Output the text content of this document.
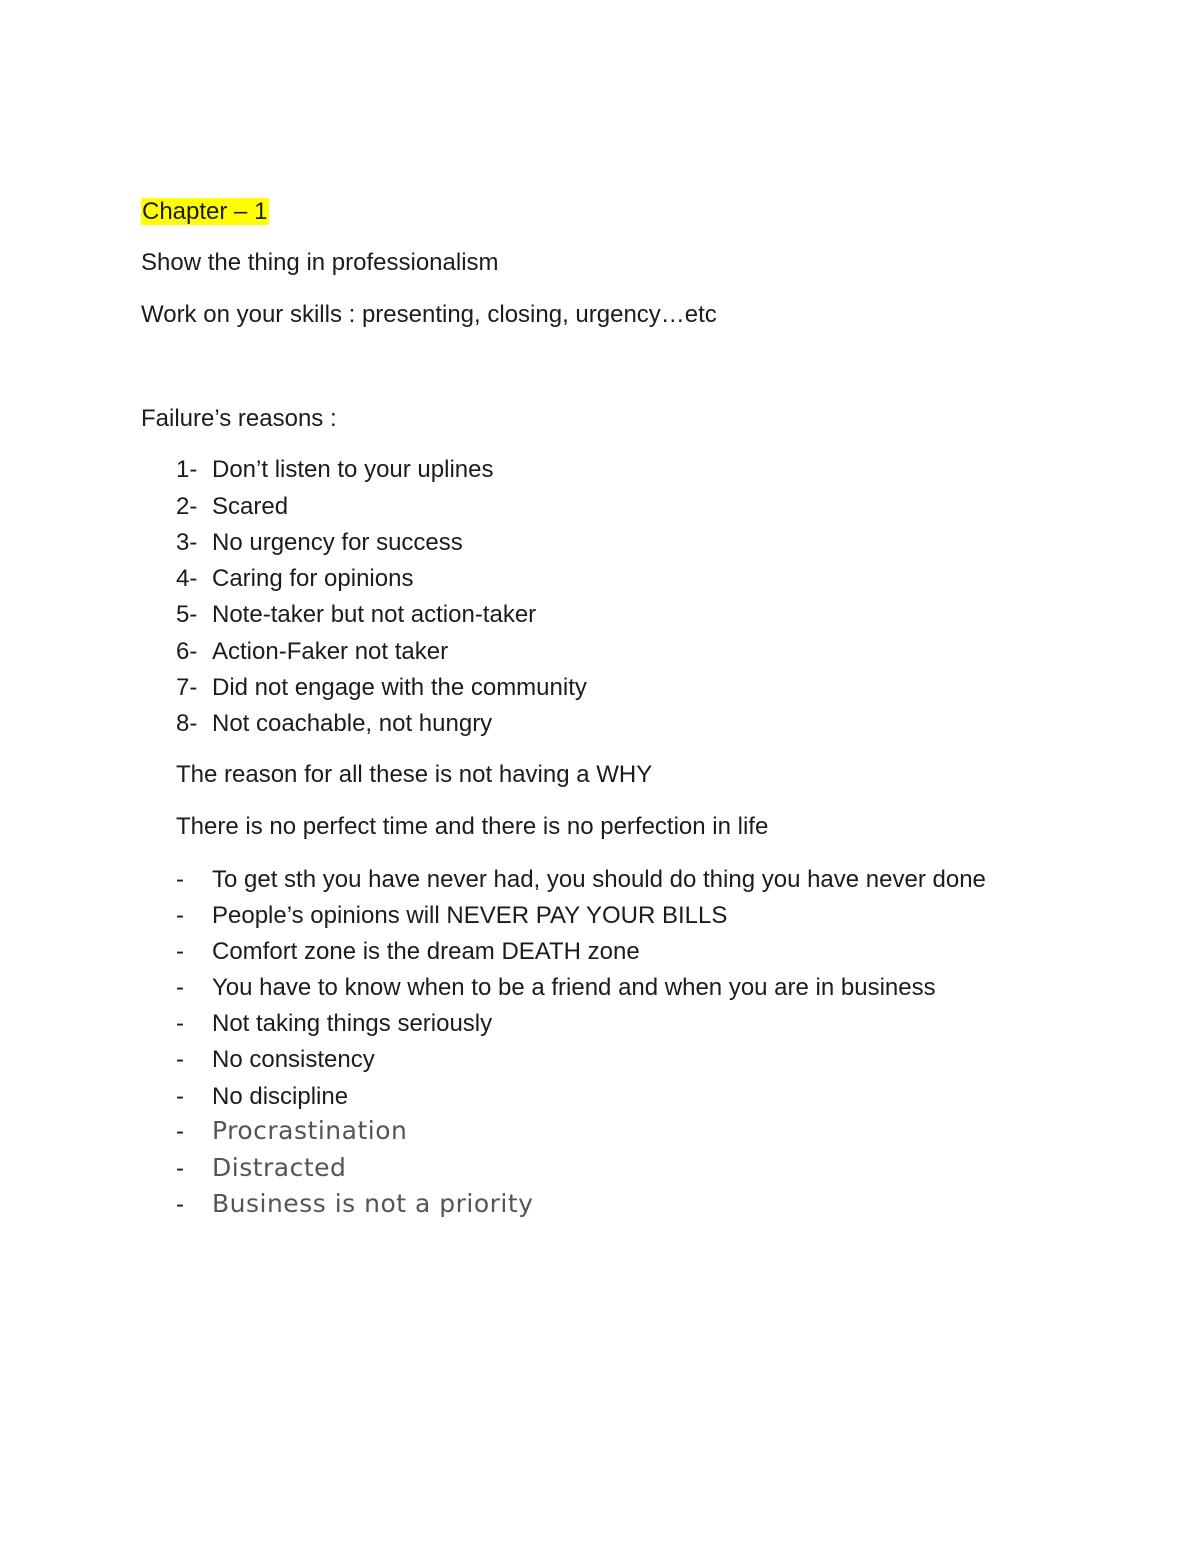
Chapter – 1
Show the thing in professionalism
Work on your skills : presenting, closing, urgency…etc
Failure’s reasons :
1- Don’t listen to your uplines
2- Scared
3- No urgency for success
4- Caring for opinions
5- Note-taker but not action-taker
6- Action-Faker not taker
7- Did not engage with the community
8- Not coachable, not hungry
The reason for all these is not having a WHY
There is no perfect time and there is no perfection in life
- To get sth you have never had, you should do thing you have never done
- People’s opinions will NEVER PAY YOUR BILLS
- Comfort zone is the dream DEATH zone
- You have to know when to be a friend and when you are in business
- Not taking things seriously
- No consistency
- No discipline
- Procrastination
- Distracted
- Business is not a priority
